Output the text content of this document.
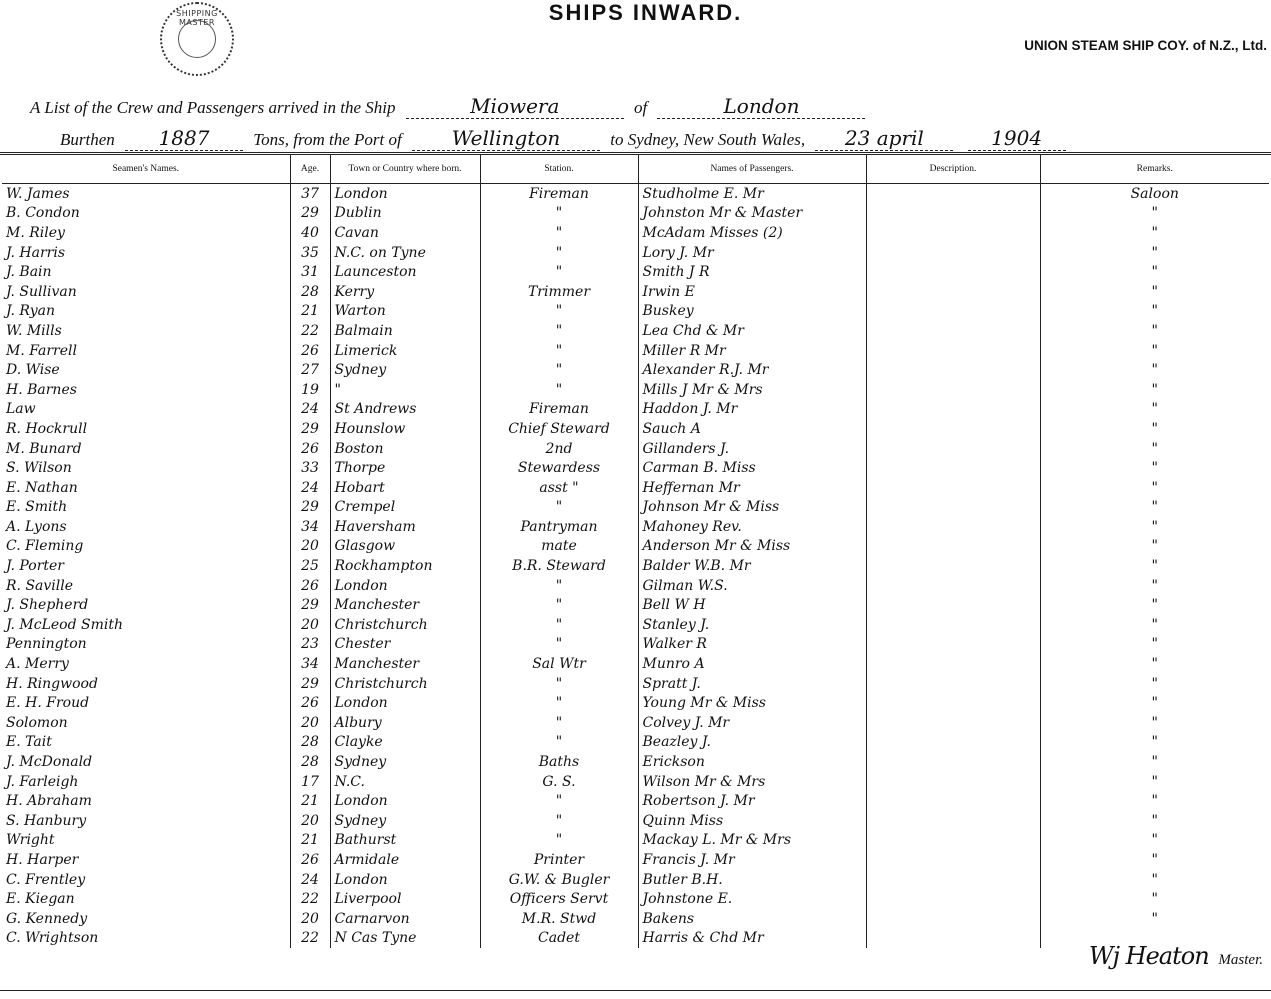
SHIPPING MASTER	SHIPS INWARD.
UNION STEAM SHIP COY. of N.Z., Ltd.
A List of the Crew and Passengers arrived in the Ship	Miowera	of	London
Burthen 1887	Tons, from the Port of Wellington	to Sydney, New South Wales, 23 april	1904
Seamen's Names.	Age.	Town or Country where born.	Station.	Names of Passengers.	Description.	Remarks.
W. James	37	London	Fireman	Studholme E. Mr		Saloon
B. Condon	29	Dublin	"	Johnston Mr & Master		"
M. Riley	40	Cavan	"	McAdam Misses (2)		"
J. Harris	35	N.C. on Tyne	"	Lory J. Mr		"
J. Bain	31	Launceston	"	Smith J R		"
J. Sullivan	28	Kerry	Trimmer	Irwin E		"
J. Ryan	21	Warton	"	Buskey		"
W. Mills	22	Balmain	"	Lea Chd & Mr		"
M. Farrell	26	Limerick	"	Miller R Mr		"
D. Wise	27	Sydney	"	Alexander R.J. Mr		"
H. Barnes	19	"	"	Mills J Mr & Mrs		"
Law	24	St Andrews	Fireman	Haddon J. Mr		"
R. Hockrull	29	Hounslow	Chief Steward	Sauch A		"
M. Bunard	26	Boston	2nd	Gillanders J.		"
S. Wilson	33	Thorpe	Stewardess	Carman B. Miss		"
E. Nathan	24	Hobart	asst "	Heffernan Mr		"
E. Smith	29	Crempel	"	Johnson Mr & Miss		"
A. Lyons	34	Haversham	Pantryman	Mahoney Rev.		"
C. Fleming	20	Glasgow	mate	Anderson Mr & Miss		"
J. Porter	25	Rockhampton	B.R. Steward	Balder W.B. Mr		"
R. Saville	26	London	"	Gilman W.S.		"
J. Shepherd	29	Manchester	"	Bell W H		"
J. McLeod Smith	20	Christchurch	"	Stanley J.		"
Pennington	23	Chester	"	Walker R		"
A. Merry	34	Manchester	Sal Wtr	Munro A		"
H. Ringwood	29	Christchurch	"	Spratt J.		"
E. H. Froud	26	London	"	Young Mr & Miss		"
Solomon	20	Albury	"	Colvey J. Mr		"
E. Tait	28	Clayke	"	Beazley J.		"
J. McDonald	28	Sydney	Baths	Erickson		"
J. Farleigh	17	N.C.	G. S.	Wilson Mr & Mrs		"
H. Abraham	21	London	"	Robertson J. Mr		"
S. Hanbury	20	Sydney	"	Quinn Miss		"
Wright	21	Bathurst	"	Mackay L. Mr & Mrs		"
H. Harper	26	Armidale	Printer	Francis J. Mr		"
C. Frentley	24	London	G.W. & Bugler	Butler B.H.		"
E. Kiegan	22	Liverpool	Officers Servt	Johnstone E.		"
G. Kennedy	20	Carnarvon	M.R. Stwd	Bakens		"
C. Wrightson	22	N Cas Tyne	Cadet	Harris & Chd Mr		
Wj Heaton Master.
